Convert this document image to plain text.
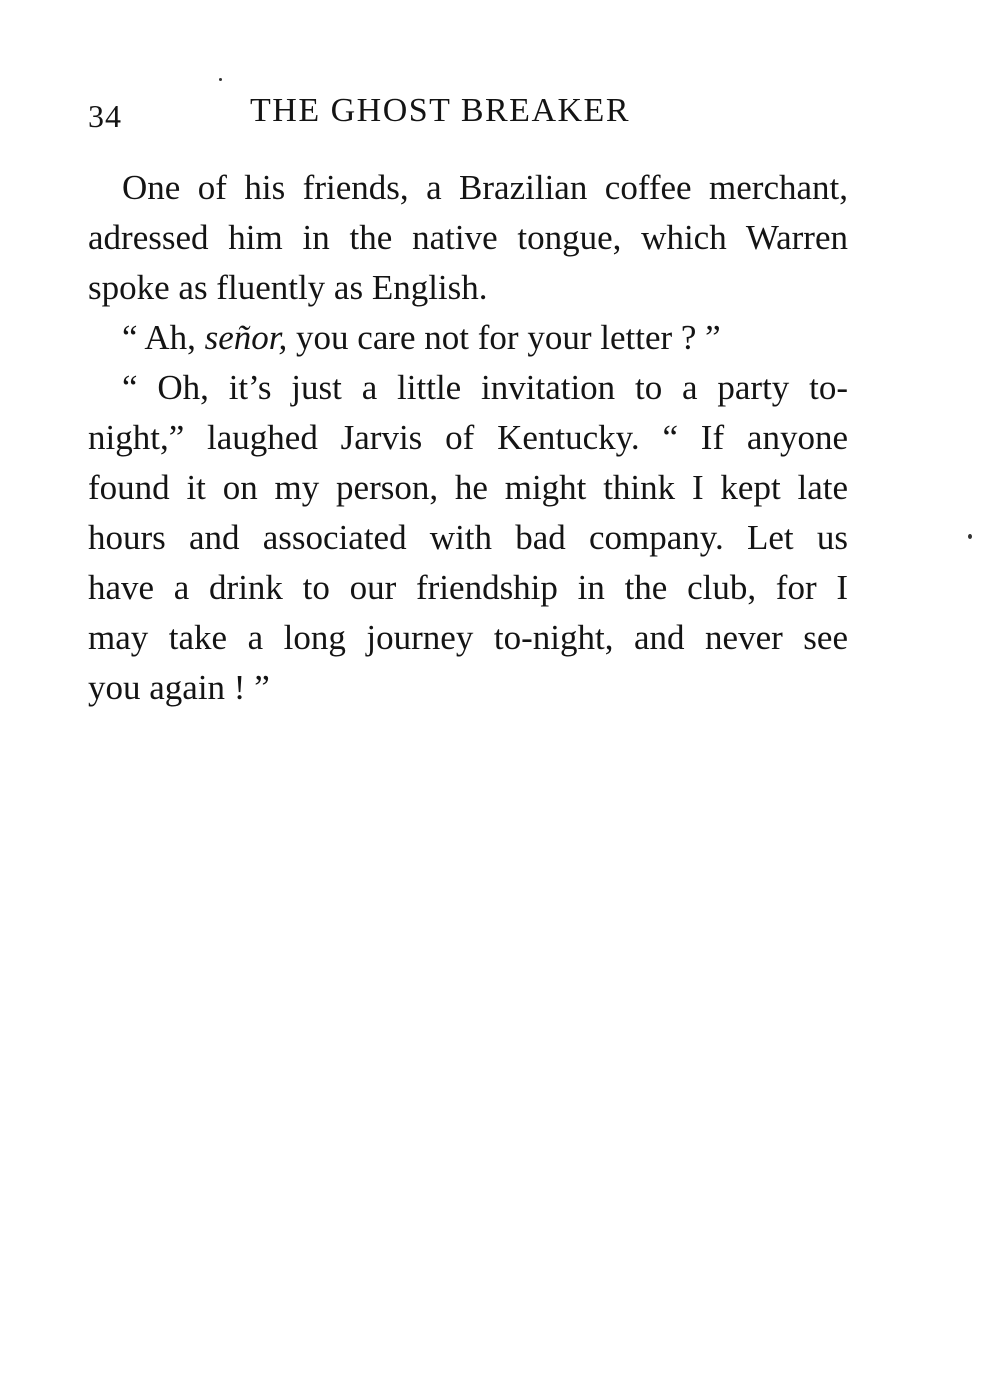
34	THE GHOST BREAKER
One of his friends, a Brazilian coffee merchant,
adressed him in the native tongue, which Warren
spoke as fluently as English.
“ Ah, señor, you care not for your letter ? ”
“ Oh, it’s just a little invitation to a party to-
night,” laughed Jarvis of Kentucky. “ If anyone
found it on my person, he might think I kept late
hours and associated with bad company. Let us
have a drink to our friendship in the club, for I
may take a long journey to-night, and never see
you again ! ”
